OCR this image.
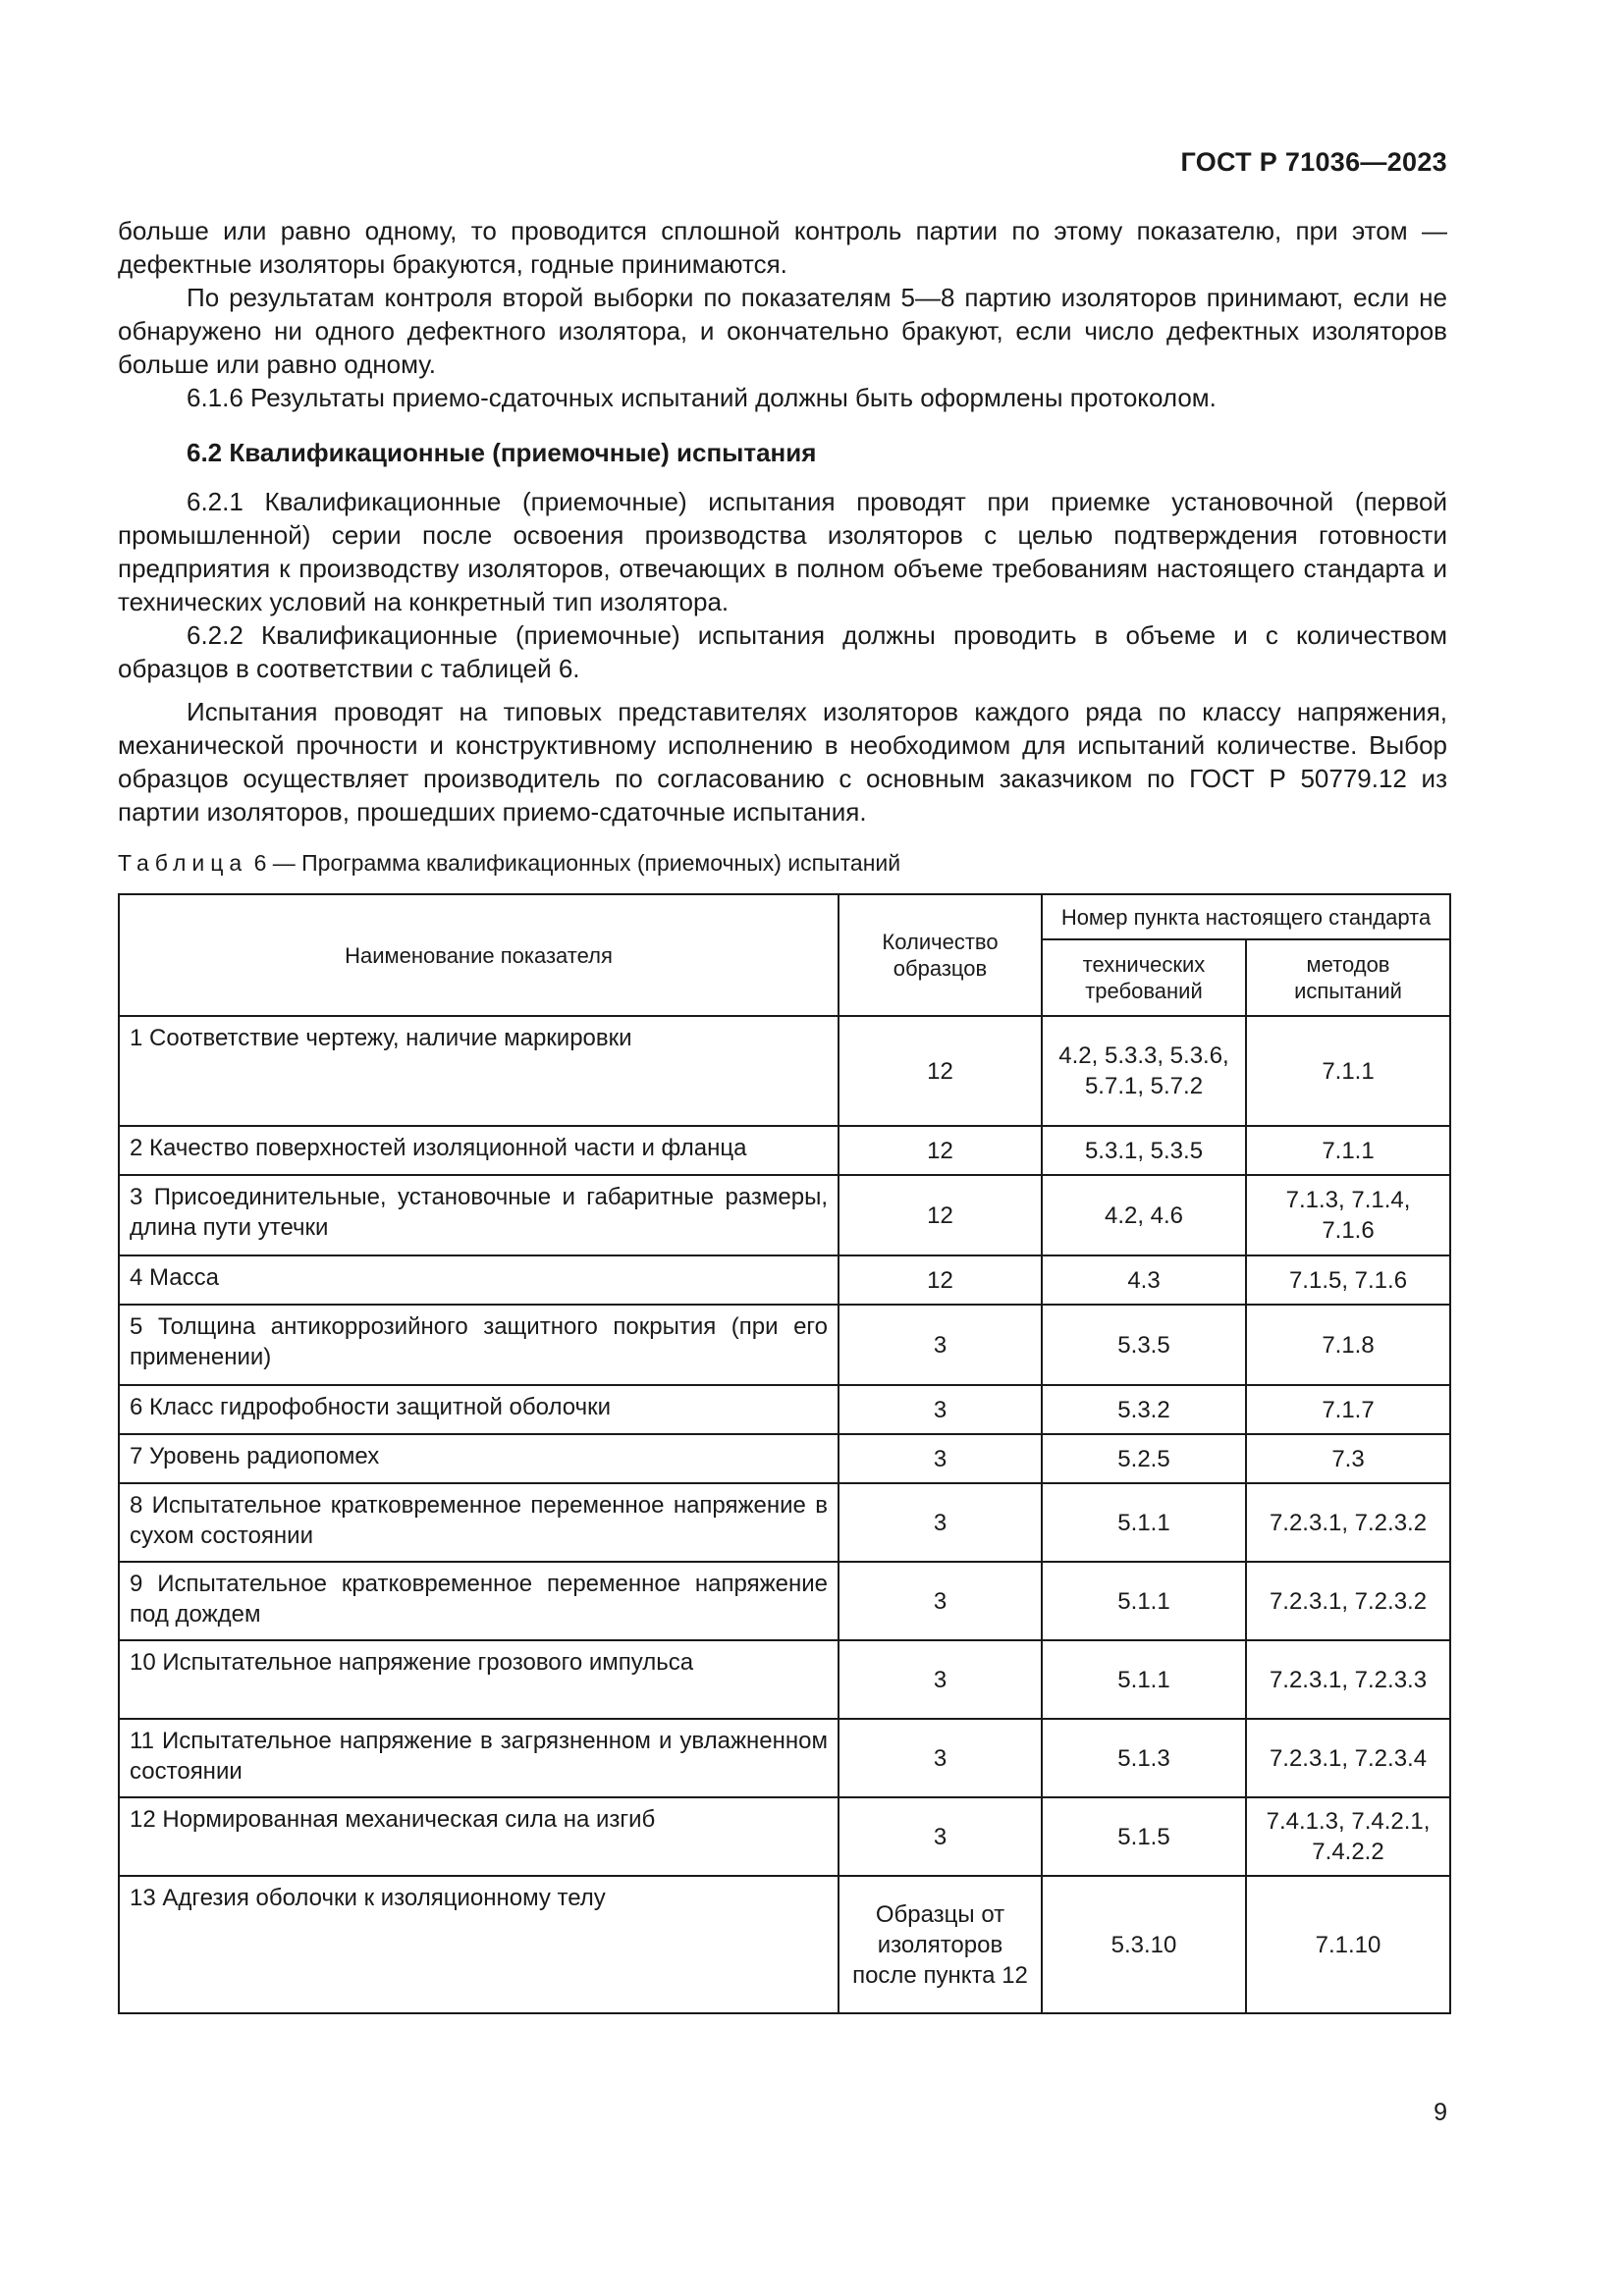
ГОСТ Р 71036—2023

больше или равно одному, то проводится сплошной контроль партии по этому показателю, при этом — дефектные изоляторы бракуются, годные принимаются.

По результатам контроля второй выборки по показателям 5—8 партию изоляторов принимают, если не обнаружено ни одного дефектного изолятора, и окончательно бракуют, если число дефектных изоляторов больше или равно одному.

6.1.6 Результаты приемо-сдаточных испытаний должны быть оформлены протоколом.

6.2 Квалификационные (приемочные) испытания

6.2.1 Квалификационные (приемочные) испытания проводят при приемке установочной (первой промышленной) серии после освоения производства изоляторов с целью подтверждения готовности предприятия к производству изоляторов, отвечающих в полном объеме требованиям настоящего стандарта и технических условий на конкретный тип изолятора.

6.2.2 Квалификационные (приемочные) испытания должны проводить в объеме и с количеством образцов в соответствии с таблицей 6.

Испытания проводят на типовых представителях изоляторов каждого ряда по классу напряжения, механической прочности и конструктивному исполнению в необходимом для испытаний количестве. Выбор образцов осуществляет производитель по согласованию с основным заказчиком по ГОСТ Р 50779.12 из партии изоляторов, прошедших приемо-сдаточные испытания.

Таблица 6 — Программа квалификационных (приемочных) испытаний
Наименование показателя	Количество образцов	Номер пункта настоящего стандарта	
		технических требований	методов испытаний
1 Соответствие чертежу, наличие маркировки	12	4.2, 5.3.3, 5.3.6, 5.7.1, 5.7.2	7.1.1
2 Качество поверхностей изоляционной части и фланца	12	5.3.1, 5.3.5	7.1.1
3 Присоединительные, установочные и габаритные размеры, длина пути утечки	12	4.2, 4.6	7.1.3, 7.1.4, 7.1.6
4 Масса	12	4.3	7.1.5, 7.1.6
5 Толщина антикоррозийного защитного покрытия (при его применении)	3	5.3.5	7.1.8
6 Класс гидрофобности защитной оболочки	3	5.3.2	7.1.7
7 Уровень радиопомех	3	5.2.5	7.3
8 Испытательное кратковременное переменное напряжение в сухом состоянии	3	5.1.1	7.2.3.1, 7.2.3.2
9 Испытательное кратковременное переменное напряжение под дождем	3	5.1.1	7.2.3.1, 7.2.3.2
10 Испытательное напряжение грозового импульса	3	5.1.1	7.2.3.1, 7.2.3.3
11 Испытательное напряжение в загрязненном и увлажненном состоянии	3	5.1.3	7.2.3.1, 7.2.3.4
12 Нормированная механическая сила на изгиб	3	5.1.5	7.4.1.3, 7.4.2.1, 7.4.2.2
13 Адгезия оболочки к изоляционному телу	Образцы от изоляторов после пункта 12	5.3.10	7.1.10
9
